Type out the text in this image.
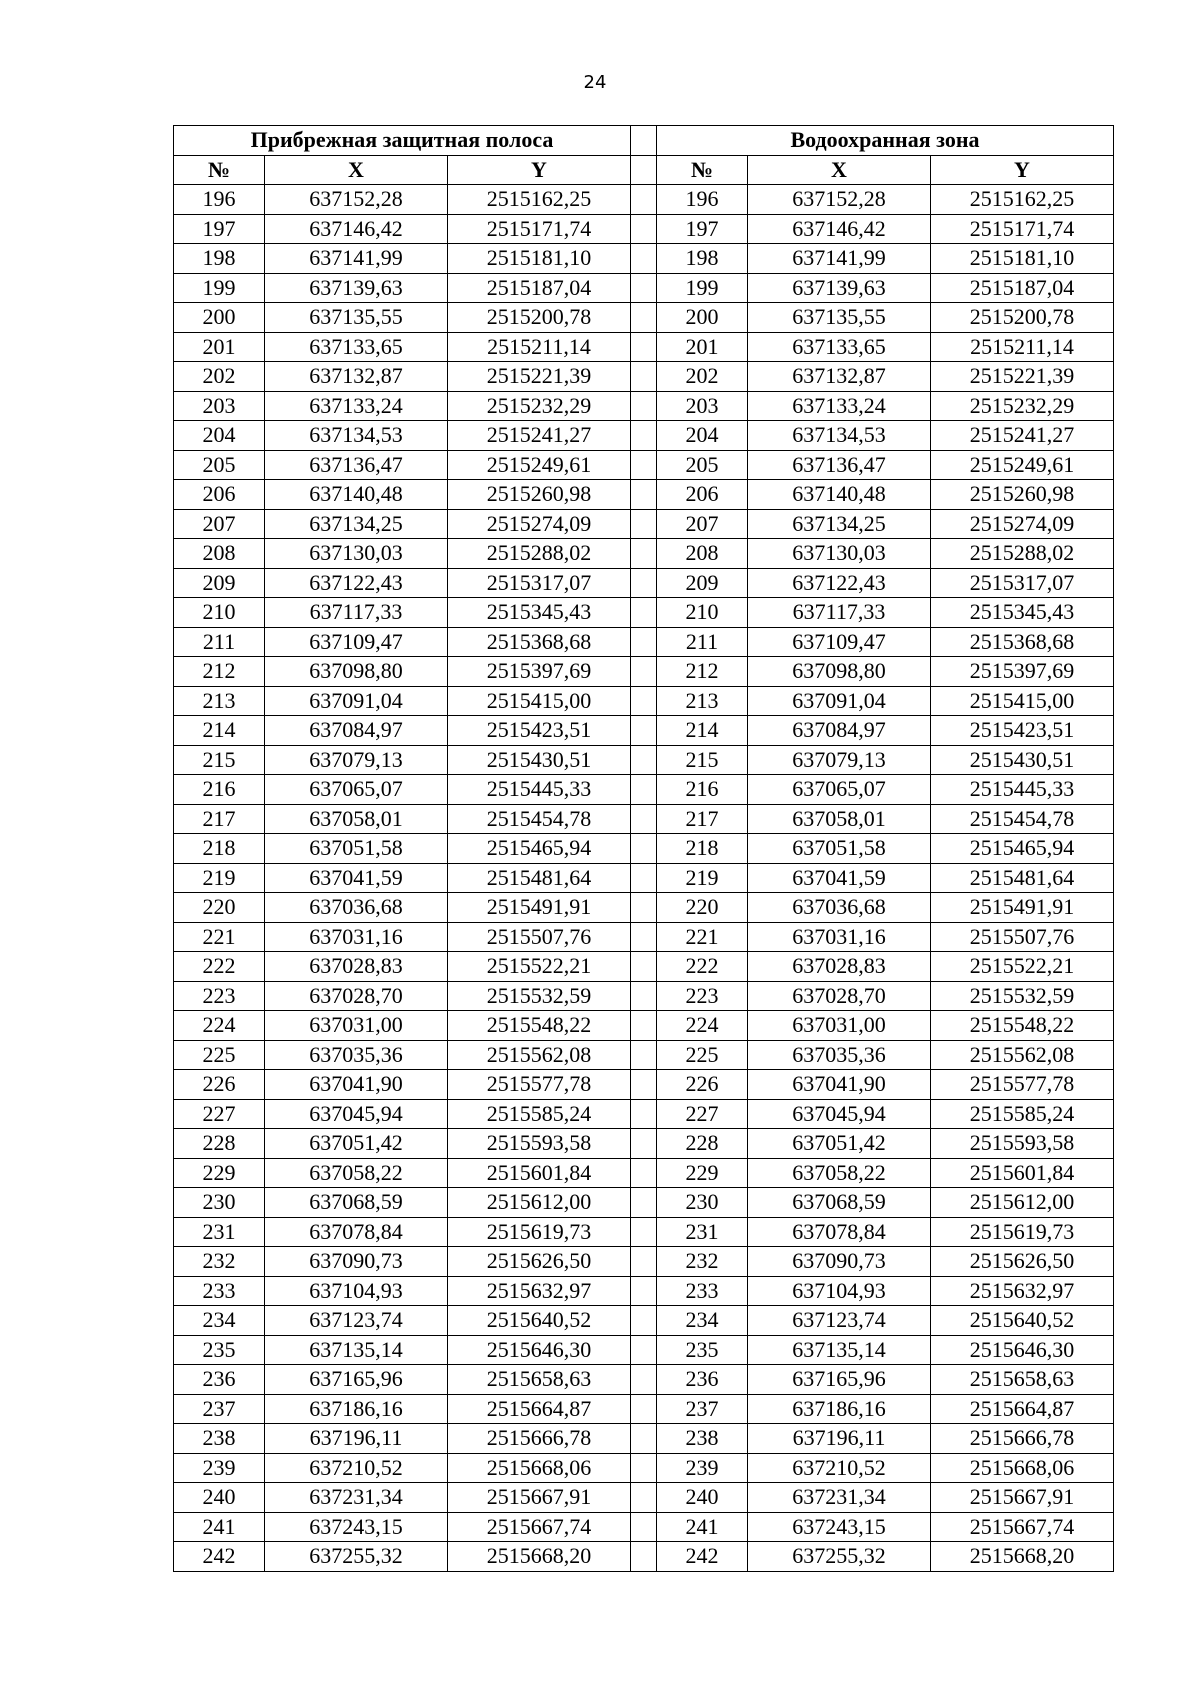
24
Прибрежная защитная полоса				Водоохранная зона		
№	X	Y		№	X	Y
196	637152,28	2515162,25		196	637152,28	2515162,25
197	637146,42	2515171,74		197	637146,42	2515171,74
198	637141,99	2515181,10		198	637141,99	2515181,10
199	637139,63	2515187,04		199	637139,63	2515187,04
200	637135,55	2515200,78		200	637135,55	2515200,78
201	637133,65	2515211,14		201	637133,65	2515211,14
202	637132,87	2515221,39		202	637132,87	2515221,39
203	637133,24	2515232,29		203	637133,24	2515232,29
204	637134,53	2515241,27		204	637134,53	2515241,27
205	637136,47	2515249,61		205	637136,47	2515249,61
206	637140,48	2515260,98		206	637140,48	2515260,98
207	637134,25	2515274,09		207	637134,25	2515274,09
208	637130,03	2515288,02		208	637130,03	2515288,02
209	637122,43	2515317,07		209	637122,43	2515317,07
210	637117,33	2515345,43		210	637117,33	2515345,43
211	637109,47	2515368,68		211	637109,47	2515368,68
212	637098,80	2515397,69		212	637098,80	2515397,69
213	637091,04	2515415,00		213	637091,04	2515415,00
214	637084,97	2515423,51		214	637084,97	2515423,51
215	637079,13	2515430,51		215	637079,13	2515430,51
216	637065,07	2515445,33		216	637065,07	2515445,33
217	637058,01	2515454,78		217	637058,01	2515454,78
218	637051,58	2515465,94		218	637051,58	2515465,94
219	637041,59	2515481,64		219	637041,59	2515481,64
220	637036,68	2515491,91		220	637036,68	2515491,91
221	637031,16	2515507,76		221	637031,16	2515507,76
222	637028,83	2515522,21		222	637028,83	2515522,21
223	637028,70	2515532,59		223	637028,70	2515532,59
224	637031,00	2515548,22		224	637031,00	2515548,22
225	637035,36	2515562,08		225	637035,36	2515562,08
226	637041,90	2515577,78		226	637041,90	2515577,78
227	637045,94	2515585,24		227	637045,94	2515585,24
228	637051,42	2515593,58		228	637051,42	2515593,58
229	637058,22	2515601,84		229	637058,22	2515601,84
230	637068,59	2515612,00		230	637068,59	2515612,00
231	637078,84	2515619,73		231	637078,84	2515619,73
232	637090,73	2515626,50		232	637090,73	2515626,50
233	637104,93	2515632,97		233	637104,93	2515632,97
234	637123,74	2515640,52		234	637123,74	2515640,52
235	637135,14	2515646,30		235	637135,14	2515646,30
236	637165,96	2515658,63		236	637165,96	2515658,63
237	637186,16	2515664,87		237	637186,16	2515664,87
238	637196,11	2515666,78		238	637196,11	2515666,78
239	637210,52	2515668,06		239	637210,52	2515668,06
240	637231,34	2515667,91		240	637231,34	2515667,91
241	637243,15	2515667,74		241	637243,15	2515667,74
242	637255,32	2515668,20		242	637255,32	2515668,20
